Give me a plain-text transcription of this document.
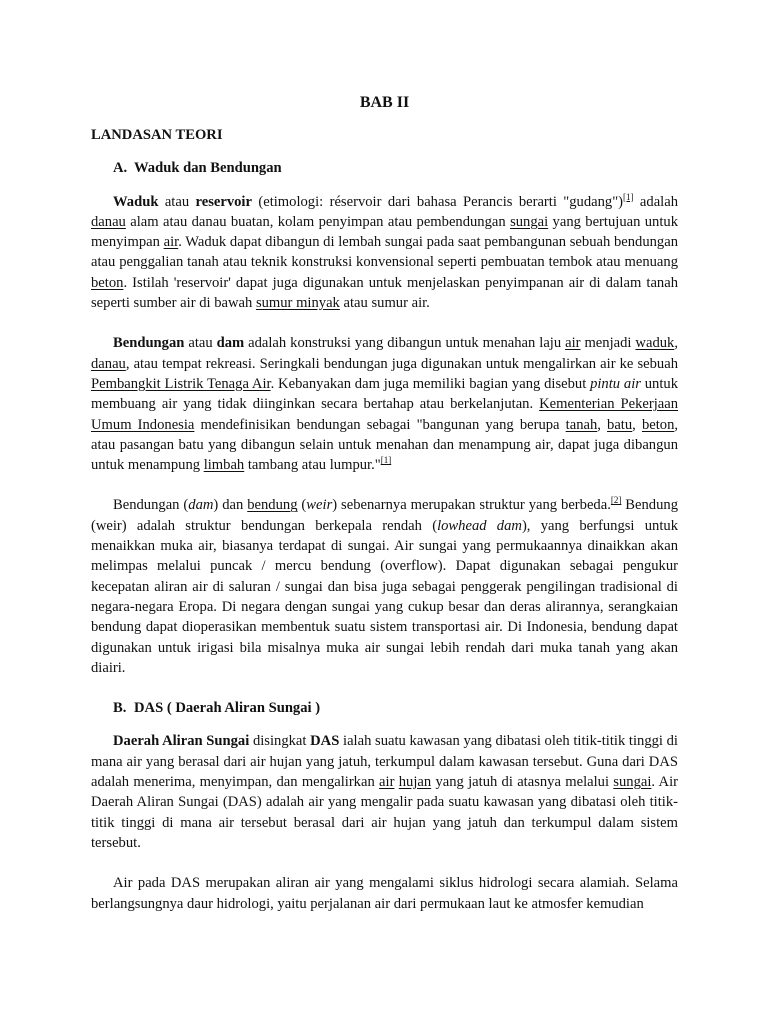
BAB II
LANDASAN TEORI
A. Waduk dan Bendungan

Waduk atau reservoir (etimologi: réservoir dari bahasa Perancis berarti "gudang")[1] adalah danau alam atau danau buatan, kolam penyimpan atau pembendungan sungai yang bertujuan untuk menyimpan air. Waduk dapat dibangun di lembah sungai pada saat pembangunan sebuah bendungan atau penggalian tanah atau teknik konstruksi konvensional seperti pembuatan tembok atau menuang beton. Istilah 'reservoir' dapat juga digunakan untuk menjelaskan penyimpanan air di dalam tanah seperti sumber air di bawah sumur minyak atau sumur air.

Bendungan atau dam adalah konstruksi yang dibangun untuk menahan laju air menjadi waduk, danau, atau tempat rekreasi. Seringkali bendungan juga digunakan untuk mengalirkan air ke sebuah Pembangkit Listrik Tenaga Air. Kebanyakan dam juga memiliki bagian yang disebut pintu air untuk membuang air yang tidak diinginkan secara bertahap atau berkelanjutan. Kementerian Pekerjaan Umum Indonesia mendefinisikan bendungan sebagai "bangunan yang berupa tanah, batu, beton, atau pasangan batu yang dibangun selain untuk menahan dan menampung air, dapat juga dibangun untuk menampung limbah tambang atau lumpur."[1]

Bendungan (dam) dan bendung (weir) sebenarnya merupakan struktur yang berbeda.[2] Bendung (weir) adalah struktur bendungan berkepala rendah (lowhead dam), yang berfungsi untuk menaikkan muka air, biasanya terdapat di sungai. Air sungai yang permukaannya dinaikkan akan melimpas melalui puncak / mercu bendung (overflow). Dapat digunakan sebagai pengukur kecepatan aliran air di saluran / sungai dan bisa juga sebagai penggerak pengilingan tradisional di negara-negara Eropa. Di negara dengan sungai yang cukup besar dan deras alirannya, serangkaian bendung dapat dioperasikan membentuk suatu sistem transportasi air. Di Indonesia, bendung dapat digunakan untuk irigasi bila misalnya muka air sungai lebih rendah dari muka tanah yang akan diairi.

B. DAS ( Daerah Aliran Sungai )

Daerah Aliran Sungai disingkat DAS ialah suatu kawasan yang dibatasi oleh titik-titik tinggi di mana air yang berasal dari air hujan yang jatuh, terkumpul dalam kawasan tersebut. Guna dari DAS adalah menerima, menyimpan, dan mengalirkan air hujan yang jatuh di atasnya melalui sungai. Air Daerah Aliran Sungai (DAS) adalah air yang mengalir pada suatu kawasan yang dibatasi oleh titik-titik tinggi di mana air tersebut berasal dari air hujan yang jatuh dan terkumpul dalam sistem tersebut.

Air pada DAS merupakan aliran air yang mengalami siklus hidrologi secara alamiah. Selama berlangsungnya daur hidrologi, yaitu perjalanan air dari permukaan laut ke atmosfer kemudian
